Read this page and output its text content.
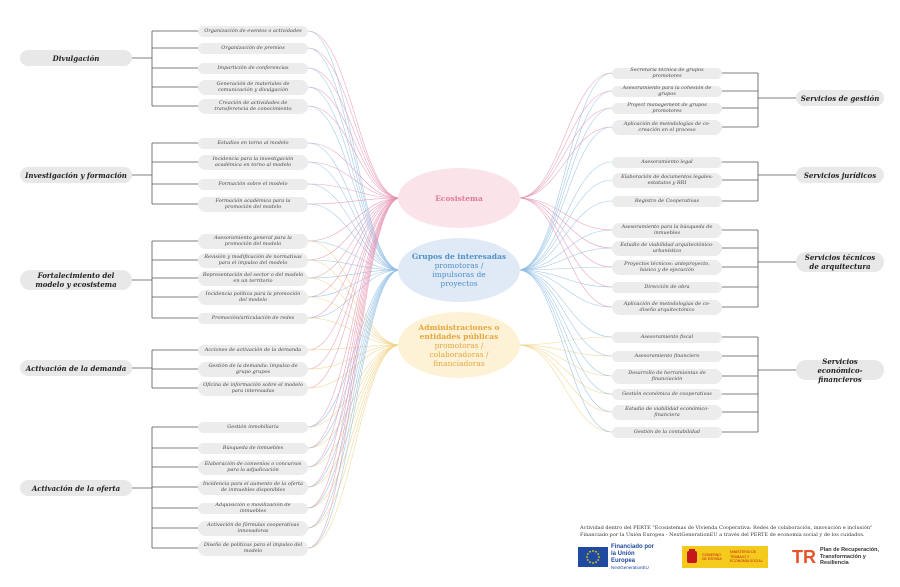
Actividad dentro del PERTE "Ecosistemas de Vivienda Cooperativa: Redes de colaboración, innovación e inclusión"
Financiado por la Unión Europea - NextGenerationEU a través del PERTE de economía social y de los cuidados.
Financiado por la Unión Europea
NextGenerationEU
GOBIERNO DE ESPAÑA
MINISTERIO DE TRABAJO Y ECONOMÍA SOCIAL TR Plan de Recuperación, Transformación y Resiliencia
Divulgación
Organización de eventos o actividades
Organización de premios
Impartición de conferencias
Generación de materiales de comunicación y divulgación
Creación de actividades de transferencia de conocimiento
Investigación y formación
Estudios en torno al modelo
Incidencia para la investigación académica en torno al modelo
Formación sobre el modelo
Formación académica para la promoción del modelo
Fortalecimiento del modelo y ecosistema
Asesoramiento general para la promoción del modelo
Revisión y modificación de normativas para el impulso del modelo
Representación del sector o del modelo en un territorio
Incidencia política para la promoción del modelo
Promoción/articulación de redes
Activación de la demanda
Acciones de activación de la demanda
Gestión de la demanda: impulso de grupo grupos
Oficina de información sobre el modelo para interesadas
Activación de la oferta
Gestión inmobiliaria
Búsqueda de inmuebles
Elaboración de convenios o concursos para la adjudicación
Incidencia para el aumento de la oferta de inmuebles disponibles
Adquisición o movilización de inmuebles
Activación de fórmulas cooperativas innovadoras
Diseño de políticas para el impulso del modelo
Servicios de gestión
Secretaría técnica de grupos promotores
Asesoramiento para la cohesión de grupos
Project management de grupos promotores
Aplicación de metodologías de co-creación en el proceso
Servicios jurídicos
Asesoramiento legal
Elaboración de documentos legales: estatutos y RRI
Registro de Cooperativas
Servicios técnicos de arquitectura
Asesoramiento para la búsqueda de inmuebles
Estudio de viabilidad arquitectónico-urbanístico
Proyectos técnicos: anteproyecto, básico y de ejecución
Dirección de obra
Aplicación de metodologías de co-diseño arquitectónico
Servicios económico-financieros
Asesoramiento fiscal
Asesoramiento financiero
Desarrollo de herramientas de financiación
Gestión económica de cooperativas
Estudio de viabilidad económico-financiera
Gestión de la contabilidad
Ecosistema
Grupos de interesadas
promotoras / impulsoras de proyectos
Administraciones o entidades públicas
promotoras / colaboradoras / financiadoras
